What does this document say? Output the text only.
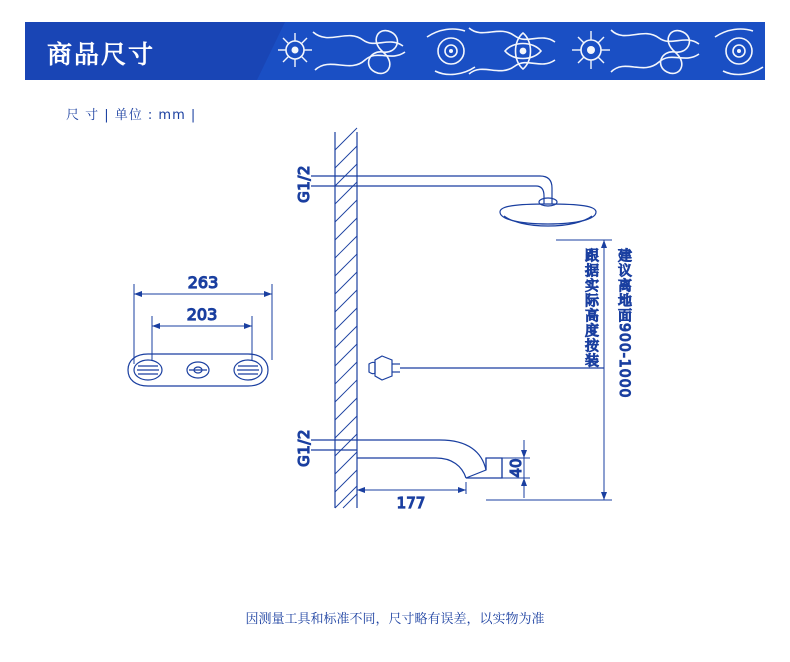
商品尺寸
尺 寸 | 单位 : mm |
G1/2
G1/2
177
40
跟据实际高度按装 建议离地面900-1000
263
203
因测量工具和标准不同，尺寸略有误差，以实物为准
